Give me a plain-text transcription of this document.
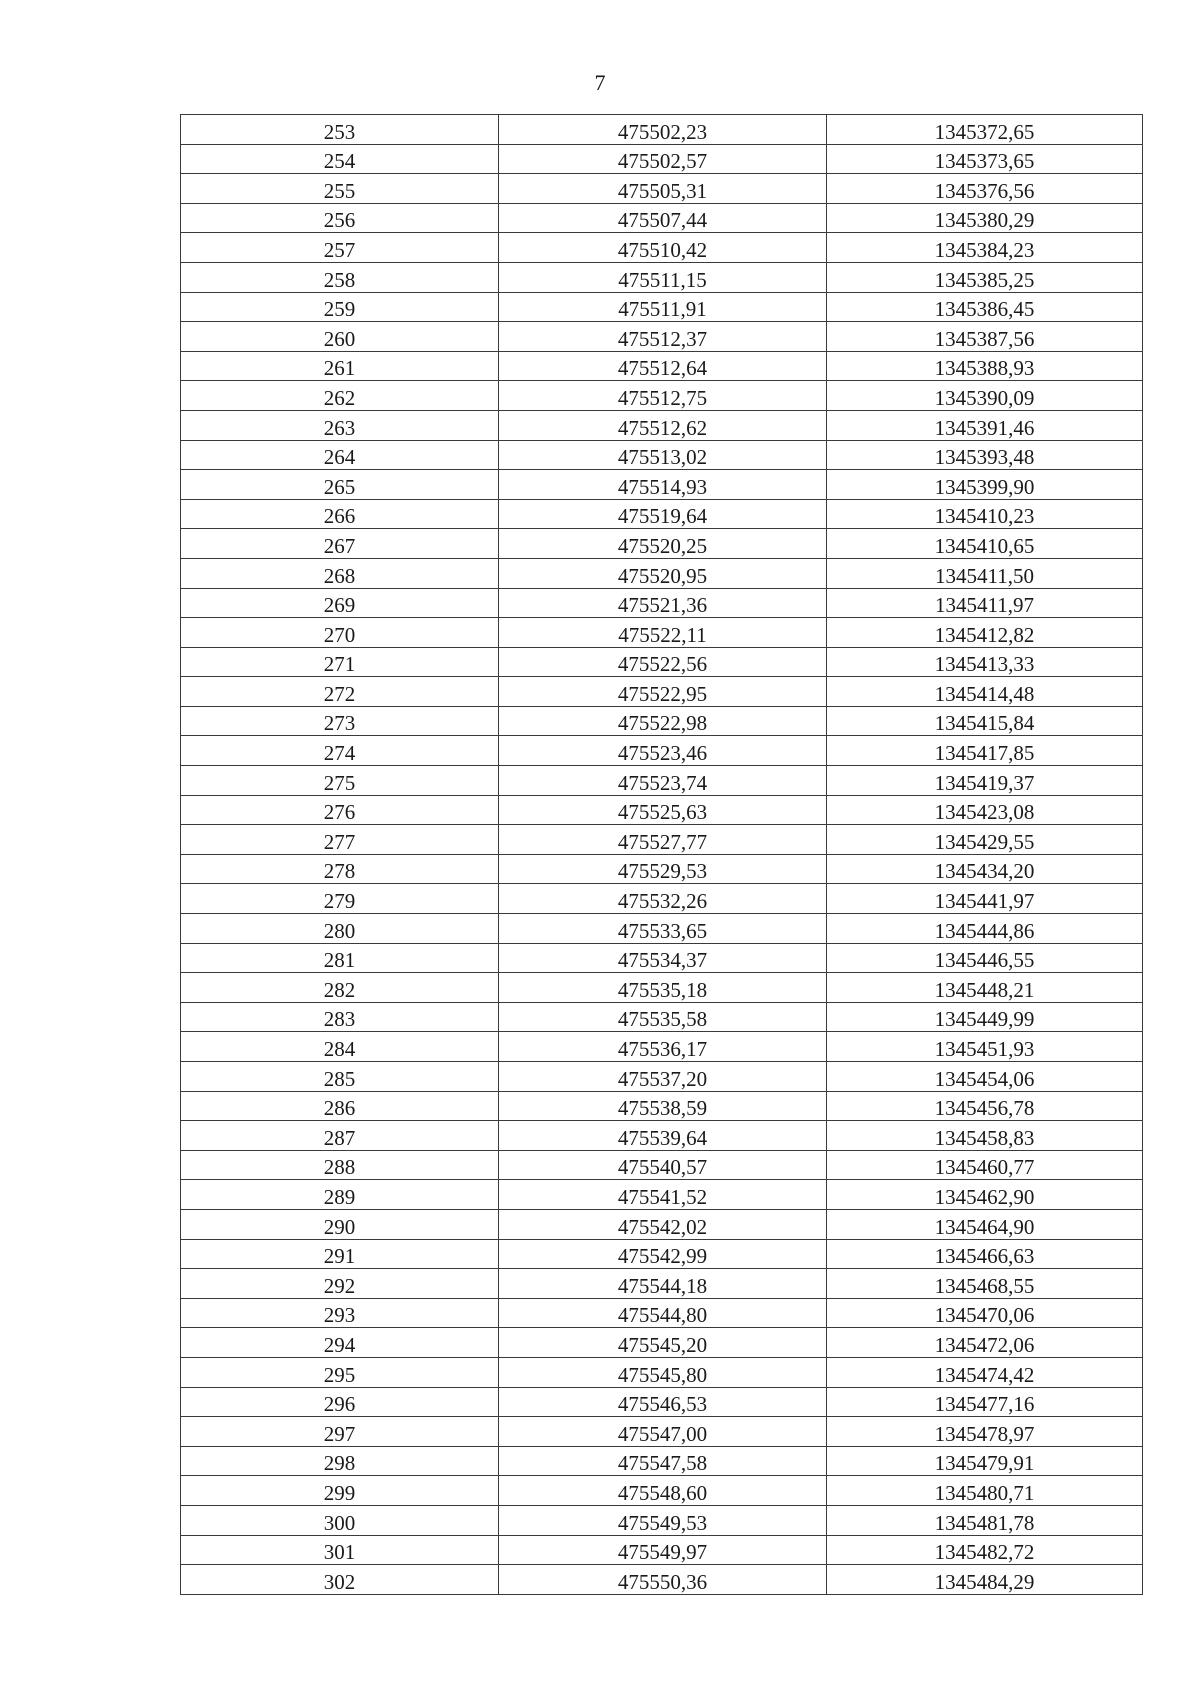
7
253	475502,23	1345372,65
254	475502,57	1345373,65
255	475505,31	1345376,56
256	475507,44	1345380,29
257	475510,42	1345384,23
258	475511,15	1345385,25
259	475511,91	1345386,45
260	475512,37	1345387,56
261	475512,64	1345388,93
262	475512,75	1345390,09
263	475512,62	1345391,46
264	475513,02	1345393,48
265	475514,93	1345399,90
266	475519,64	1345410,23
267	475520,25	1345410,65
268	475520,95	1345411,50
269	475521,36	1345411,97
270	475522,11	1345412,82
271	475522,56	1345413,33
272	475522,95	1345414,48
273	475522,98	1345415,84
274	475523,46	1345417,85
275	475523,74	1345419,37
276	475525,63	1345423,08
277	475527,77	1345429,55
278	475529,53	1345434,20
279	475532,26	1345441,97
280	475533,65	1345444,86
281	475534,37	1345446,55
282	475535,18	1345448,21
283	475535,58	1345449,99
284	475536,17	1345451,93
285	475537,20	1345454,06
286	475538,59	1345456,78
287	475539,64	1345458,83
288	475540,57	1345460,77
289	475541,52	1345462,90
290	475542,02	1345464,90
291	475542,99	1345466,63
292	475544,18	1345468,55
293	475544,80	1345470,06
294	475545,20	1345472,06
295	475545,80	1345474,42
296	475546,53	1345477,16
297	475547,00	1345478,97
298	475547,58	1345479,91
299	475548,60	1345480,71
300	475549,53	1345481,78
301	475549,97	1345482,72
302	475550,36	1345484,29
